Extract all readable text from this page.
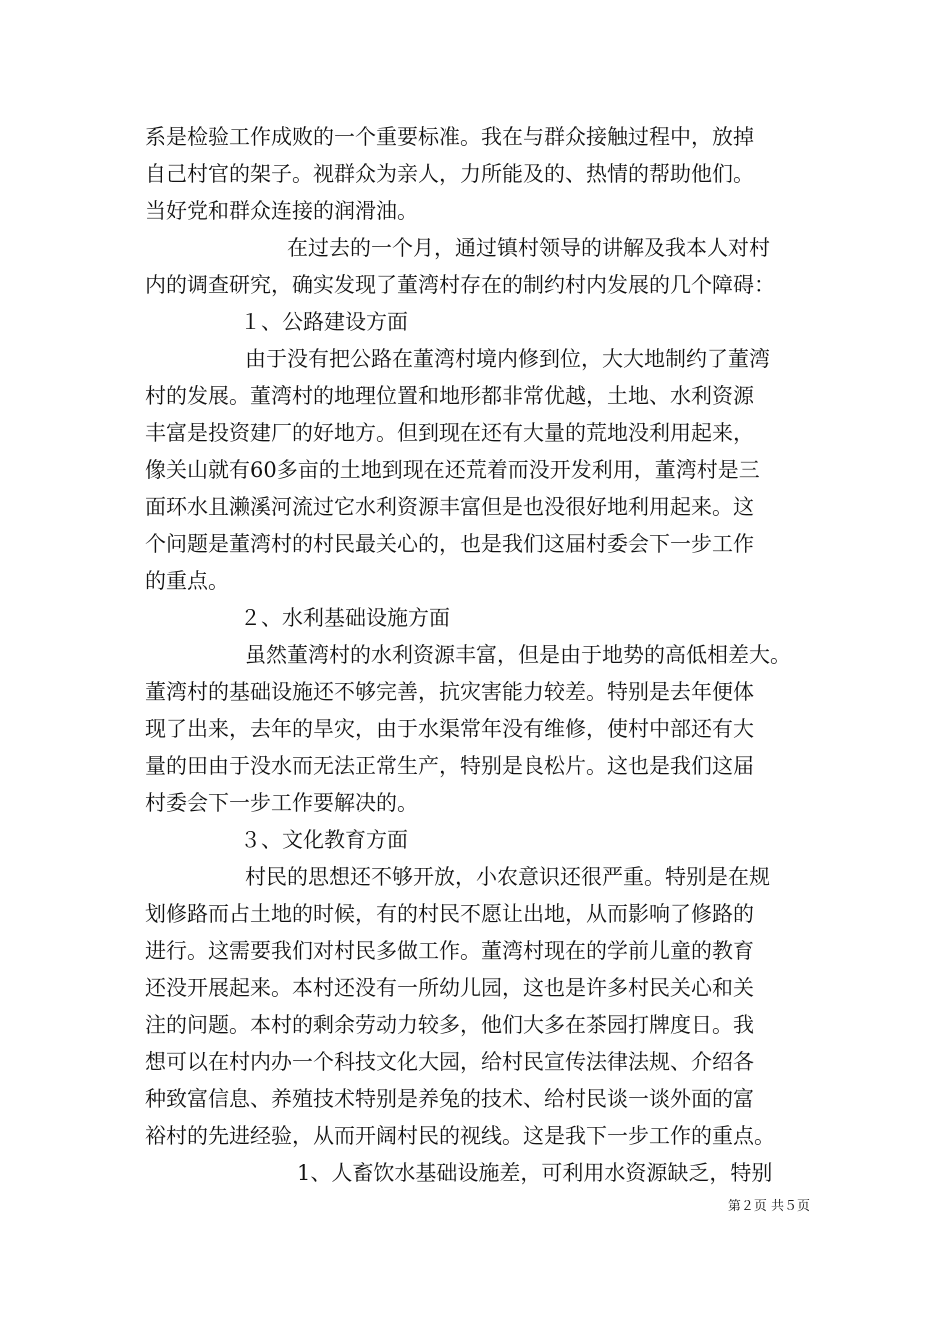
系是检验工作成败的一个重要标准。我在与群众接触过程中，放掉
自己村官的架子。视群众为亲人，力所能及的、热情的帮助他们。
当好党和群众连接的润滑油。
在过去的一个月，通过镇村领导的讲解及我本人对村
内的调查研究，确实发现了董湾村存在的制约村内发展的几个障碍：
１、公路建设方面
由于没有把公路在董湾村境内修到位，大大地制约了董湾
村的发展。董湾村的地理位置和地形都非常优越，土地、水利资源
丰富是投资建厂的好地方。但到现在还有大量的荒地没利用起来，
像关山就有60多亩的土地到现在还荒着而没开发利用，董湾村是三
面环水且濑溪河流过它水利资源丰富但是也没很好地利用起来。这
个问题是董湾村的村民最关心的，也是我们这届村委会下一步工作
的重点。
２、水利基础设施方面
虽然董湾村的水利资源丰富，但是由于地势的高低相差大。
董湾村的基础设施还不够完善，抗灾害能力较差。特别是去年便体
现了出来，去年的旱灾，由于水渠常年没有维修，使村中部还有大
量的田由于没水而无法正常生产，特别是良松片。这也是我们这届
村委会下一步工作要解决的。
３、文化教育方面
村民的思想还不够开放，小农意识还很严重。特别是在规
划修路而占土地的时候，有的村民不愿让出地，从而影响了修路的
进行。这需要我们对村民多做工作。董湾村现在的学前儿童的教育
还没开展起来。本村还没有一所幼儿园，这也是许多村民关心和关
注的问题。本村的剩余劳动力较多，他们大多在茶园打牌度日。我
想可以在村内办一个科技文化大园，给村民宣传法律法规、介绍各
种致富信息、养殖技术特别是养兔的技术、给村民谈一谈外面的富
裕村的先进经验，从而开阔村民的视线。这是我下一步工作的重点。
1、人畜饮水基础设施差，可利用水资源缺乏，特别
第２页 共５页
